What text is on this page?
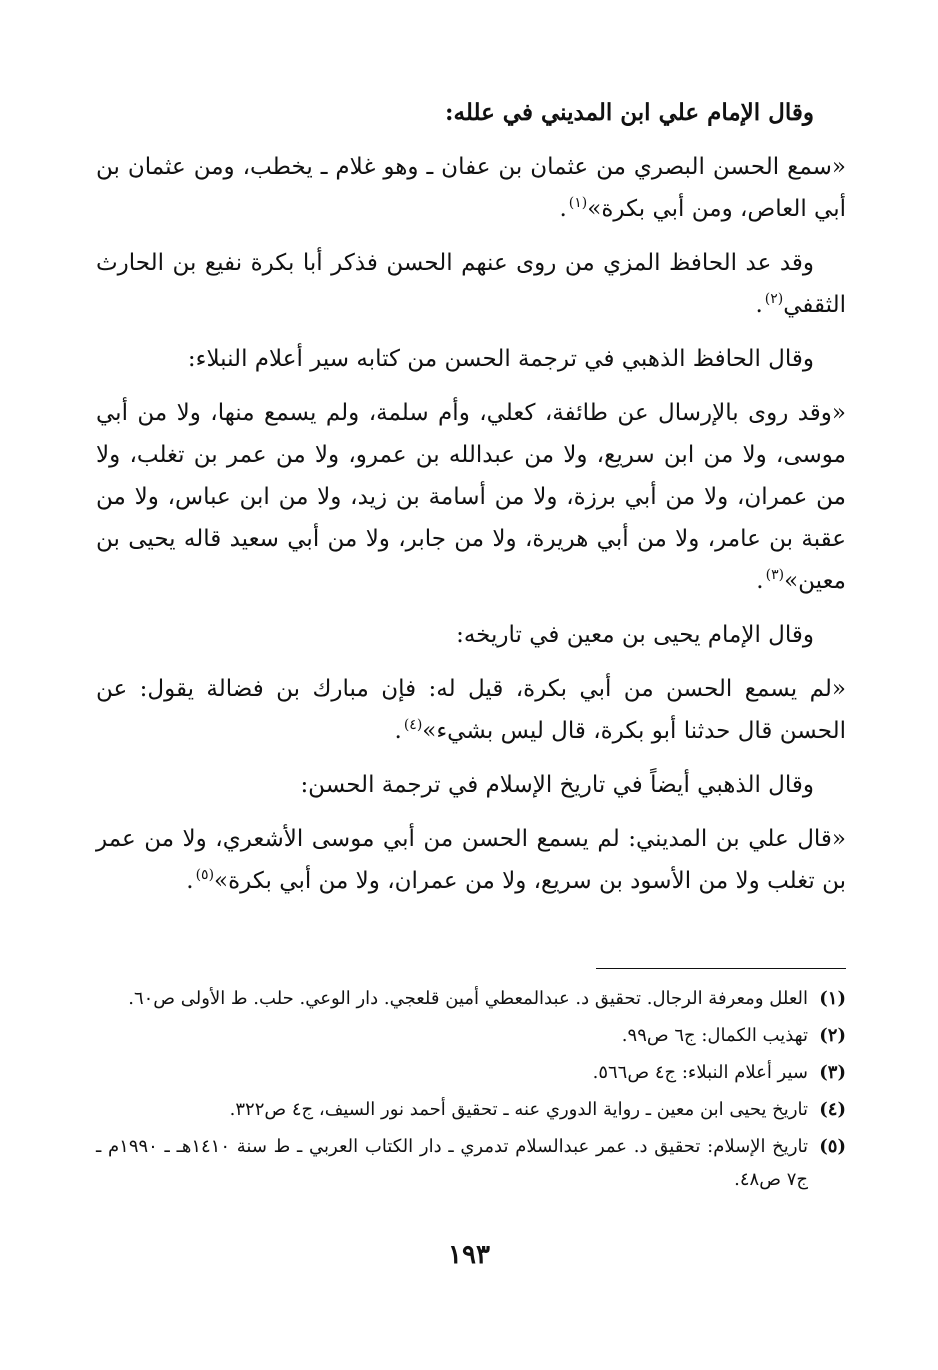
وقال الإمام علي ابن المديني في علله:

«سمع الحسن البصري من عثمان بن عفان ـ وهو غلام ـ يخطب، ومن عثمان بن أبي العاص، ومن أبي بكرة»$^{(١)}$.

وقد عد الحافظ المزي من روى عنهم الحسن فذكر أبا بكرة نفيع بن الحارث الثقفي$^{(٢)}$.

وقال الحافظ الذهبي في ترجمة الحسن من كتابه سير أعلام النبلاء:

«وقد روى بالإرسال عن طائفة، كعلي، وأم سلمة، ولم يسمع منها، ولا من أبي موسى، ولا من ابن سريع، ولا من عبدالله بن عمرو، ولا من عمر بن تغلب، ولا من عمران، ولا من أبي برزة، ولا من أسامة بن زيد، ولا من ابن عباس، ولا من عقبة بن عامر، ولا من أبي هريرة، ولا من جابر، ولا من أبي سعيد قاله يحيى بن معين»$^{(٣)}$.

وقال الإمام يحيى بن معين في تاريخه:

«لم يسمع الحسن من أبي بكرة، قيل له: فإن مبارك بن فضالة يقول: عن الحسن قال حدثنا أبو بكرة، قال ليس بشيء»$^{(٤)}$.

وقال الذهبي أيضاً في تاريخ الإسلام في ترجمة الحسن:

«قال علي بن المديني: لم يسمع الحسن من أبي موسى الأشعري، ولا من عمر بن تغلب ولا من الأسود بن سريع، ولا من عمران، ولا من أبي بكرة»$^{(٥)}$.

(١)
العلل ومعرفة الرجال. تحقيق د. عبدالمعطي أمين قلعجي. دار الوعي. حلب. ط الأولى ص٦٠.
(٢)
تهذيب الكمال: ج٦ ص٩٩.
(٣)
سير أعلام النبلاء: ج٤ ص٥٦٦.
(٤)
تاريخ يحيى ابن معين ـ رواية الدوري عنه ـ تحقيق أحمد نور السيف، ج٤ ص٣٢٢.
(٥)
تاريخ الإسلام: تحقيق د. عمر عبدالسلام تدمري ـ دار الكتاب العربي ـ ط سنة ١٤١٠هـ ـ ١٩٩٠م ـ ج٧ ص٤٨.
١٩٣
